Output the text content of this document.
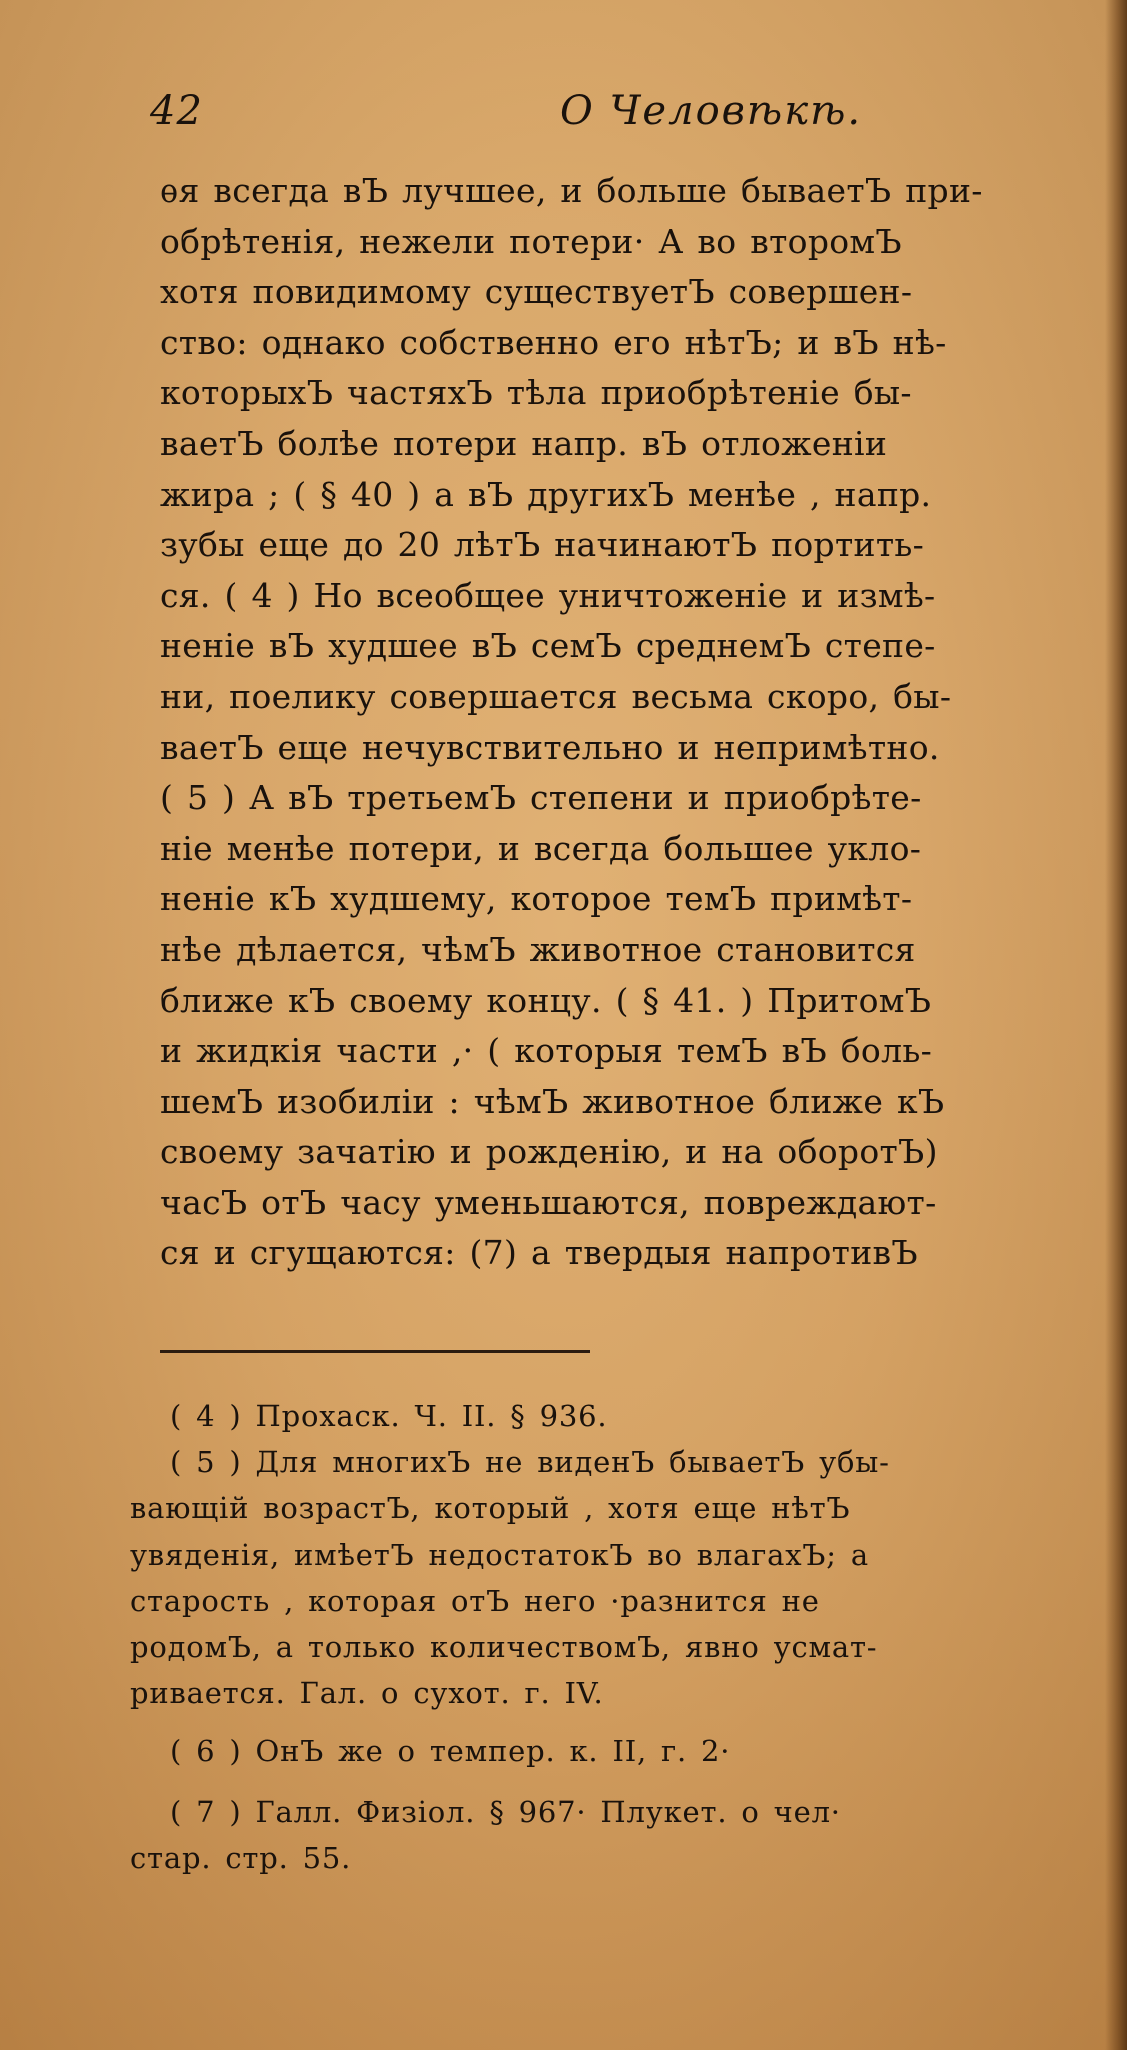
42	О Человѣкѣ.
ѳя всегда вЪ лучшее, и больше бываетЪ при-
обрѣтенія, нежели потери· А во второмЪ
хотя повидимому существуетЪ совершен-
ство: однако собственно его нѣтЪ; и вЪ нѣ-
которыхЪ частяхЪ тѣла приобрѣтеніе бы-
ваетЪ болѣе потери напр. вЪ отложеніи
жира ; ( § 40 ) а вЪ другихЪ менѣе , напр.
зубы еще до 20 лѣтЪ начинаютЪ портить-
ся. ( 4 ) Но всеобщее уничтоженіе и измѣ-
неніе вЪ худшее вЪ семЪ среднемЪ степе-
ни, поелику совершается весьма скоро, бы-
ваетЪ еще нечувствительно и непримѣтно.
( 5 ) А вЪ третьемЪ степени и приобрѣте-
ніе менѣе потери, и всегда большее укло-
неніе кЪ худшему, которое темЪ примѣт-
нѣе дѣлается, чѣмЪ животное становится
ближе кЪ своему концу. ( § 41. ) ПритомЪ
и жидкія части ,· ( которыя темЪ вЪ боль-
шемЪ изобиліи : чѣмЪ животное ближе кЪ
своему зачатію и рожденію, и на оборотЪ)
часЪ отЪ часу уменьшаются, повреждают-
ся и сгущаются: (7) а твердыя напротивЪ
( 4 ) Прохаск. Ч. II. § 936.
( 5 ) Для многихЪ не виденЪ бываетЪ убы-
вающій возрастЪ, который , хотя еще нѣтЪ
увяденія, имѣетЪ недостатокЪ во влагахЪ; а
старость , которая отЪ него ·разнится не
родомЪ, а только количествомЪ, явно усмат-
ривается. Гал. о сухот. г. IV.
( 6 ) ОнЪ же о темпер. к. II, г. 2·
( 7 ) Галл. Физіол. § 967· Плукет. о чел·
стар. стр. 55.
